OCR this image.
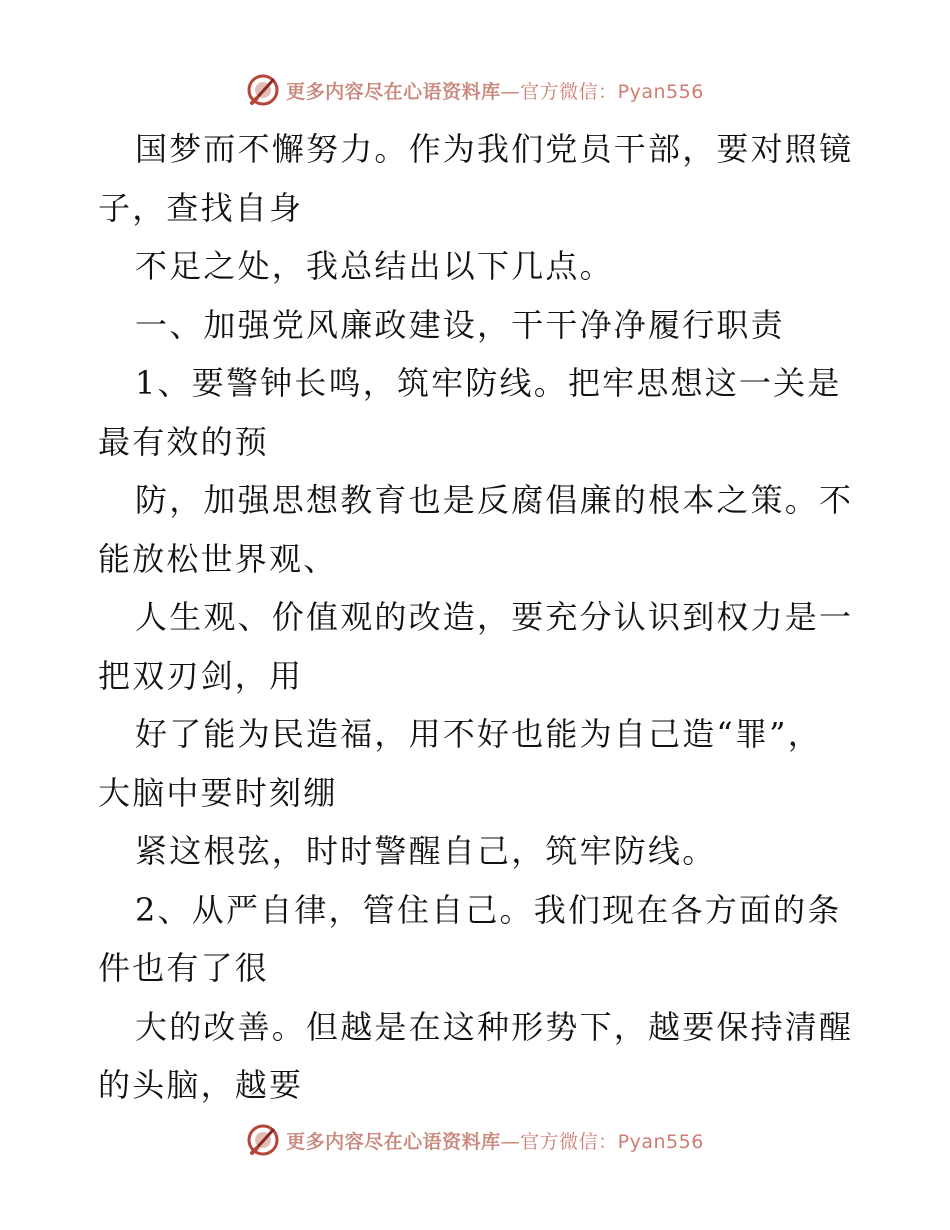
更多内容尽在心语资料库—官方微信：Pyan556
国梦而不懈努力。作为我们党员干部，要对照镜
子，查找自身
不足之处，我总结出以下几点。
一、加强党风廉政建设，干干净净履行职责
1、要警钟长鸣，筑牢防线。把牢思想这一关是
最有效的预
防，加强思想教育也是反腐倡廉的根本之策。不
能放松世界观、
人生观、价值观的改造，要充分认识到权力是一
把双刃剑，用
好了能为民造福，用不好也能为自己造“罪”，
大脑中要时刻绷
紧这根弦，时时警醒自己，筑牢防线。
2、从严自律，管住自己。我们现在各方面的条
件也有了很
大的改善。但越是在这种形势下，越要保持清醒
的头脑，越要
更多内容尽在心语资料库—官方微信：Pyan556
